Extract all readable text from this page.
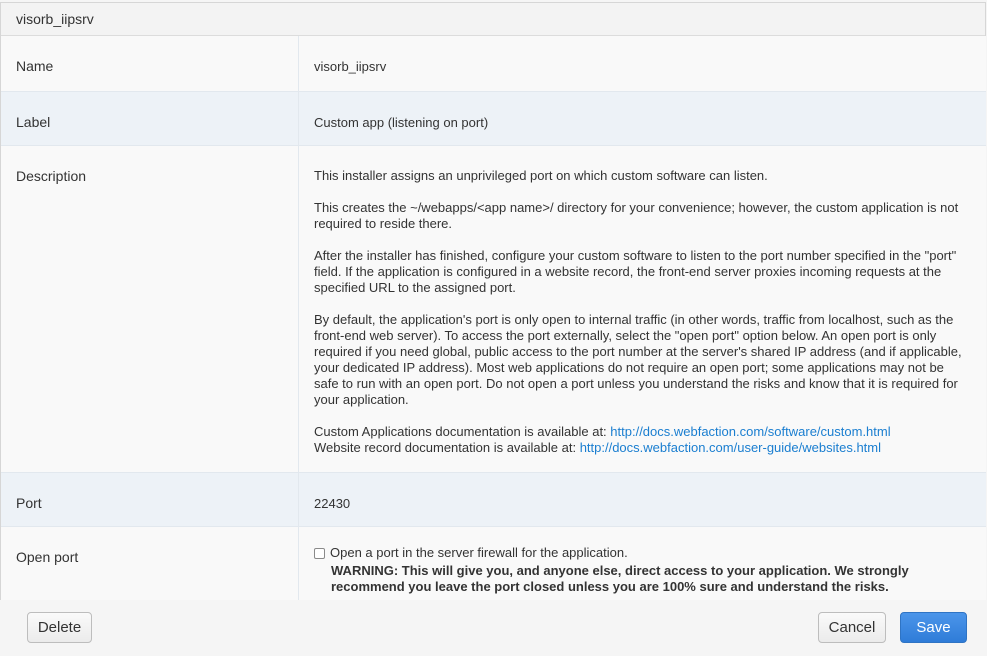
visorb_iipsrv
Name	visorb_iipsrv
Label	Custom app (listening on port)
Description	This installer assigns an unprivileged port on which custom software can listen.

This creates the ~/webapps/<app name>/ directory for your convenience; however, the custom application is not required to reside there.

After the installer has finished, configure your custom software to listen to the port number specified in the "port" field. If the application is configured in a website record, the front-end server proxies incoming requests at the specified URL to the assigned port.

By default, the application's port is only open to internal traffic (in other words, traffic from localhost, such as the front-end web server). To access the port externally, select the "open port" option below. An open port is only required if you need global, public access to the port number at the server's shared IP address (and if applicable, your dedicated IP address). Most web applications do not require an open port; some applications may not be safe to run with an open port. Do not open a port unless you understand the risks and know that it is required for your application.

Custom Applications documentation is available at: http://docs.webfaction.com/software/custom.html
Website record documentation is available at: http://docs.webfaction.com/user-guide/websites.html
Port	22430
Open port	Open a port in the server firewall for the application.
WARNING: This will give you, and anyone else, direct access to your application. We strongly recommend you leave the port closed unless you are 100% sure and understand the risks.
Delete	Cancel	Save
